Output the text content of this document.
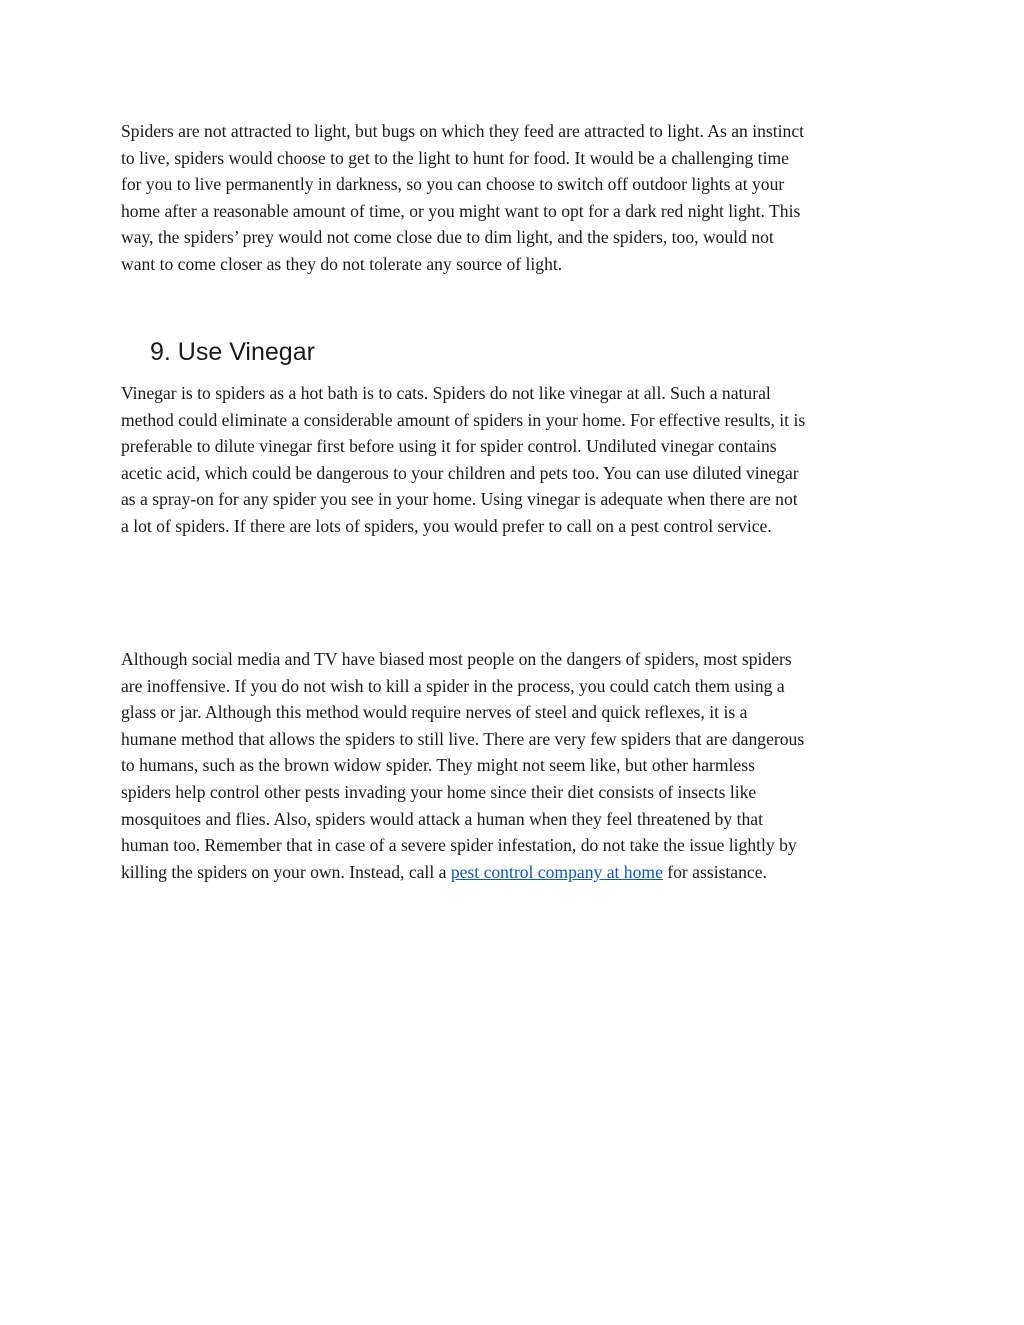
Spiders are not attracted to light, but bugs on which they feed are attracted to light. As an instinct
to live, spiders would choose to get to the light to hunt for food. It would be a challenging time
for you to live permanently in darkness, so you can choose to switch off outdoor lights at your
home after a reasonable amount of time, or you might want to opt for a dark red night light. This
way, the spiders’ prey would not come close due to dim light, and the spiders, too, would not
want to come closer as they do not tolerate any source of light.

9. Use Vinegar

Vinegar is to spiders as a hot bath is to cats. Spiders do not like vinegar at all. Such a natural
method could eliminate a considerable amount of spiders in your home. For effective results, it is
preferable to dilute vinegar first before using it for spider control. Undiluted vinegar contains
acetic acid, which could be dangerous to your children and pets too. You can use diluted vinegar
as a spray-on for any spider you see in your home. Using vinegar is adequate when there are not
a lot of spiders. If there are lots of spiders, you would prefer to call on a pest control service.

Although social media and TV have biased most people on the dangers of spiders, most spiders
are inoffensive. If you do not wish to kill a spider in the process, you could catch them using a
glass or jar. Although this method would require nerves of steel and quick reflexes, it is a
humane method that allows the spiders to still live. There are very few spiders that are dangerous
to humans, such as the brown widow spider. They might not seem like, but other harmless
spiders help control other pests invading your home since their diet consists of insects like
mosquitoes and flies. Also, spiders would attack a human when they feel threatened by that
human too. Remember that in case of a severe spider infestation, do not take the issue lightly by
killing the spiders on your own. Instead, call a pest control company at home for assistance.
